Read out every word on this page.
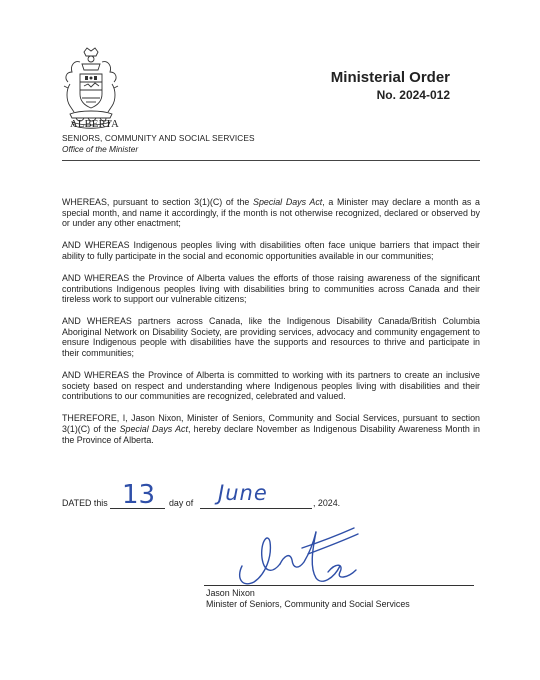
ALBERTA
SENIORS, COMMUNITY AND SOCIAL SERVICES
Office of the Minister
Ministerial Order
No. 2024-012

WHEREAS, pursuant to section 3(1)(C) of the Special Days Act, a Minister may declare a month as a special month, and name it accordingly, if the month is not otherwise recognized, declared or observed by or under any other enactment;

AND WHEREAS Indigenous peoples living with disabilities often face unique barriers that impact their ability to fully participate in the social and economic opportunities available in our communities;

AND WHEREAS the Province of Alberta values the efforts of those raising awareness of the significant contributions Indigenous peoples living with disabilities bring to communities across Canada and their tireless work to support our vulnerable citizens;

AND WHEREAS partners across Canada, like the Indigenous Disability Canada/British Columbia Aboriginal Network on Disability Society, are providing services, advocacy and community engagement to ensure Indigenous people with disabilities have the supports and resources to thrive and participate in their communities;

AND WHEREAS the Province of Alberta is committed to working with its partners to create an inclusive society based on respect and understanding where Indigenous peoples living with disabilities and their contributions to our communities are recognized, celebrated and valued.

THEREFORE, I, Jason Nixon, Minister of Seniors, Community and Social Services, pursuant to section 3(1)(C) of the Special Days Act, hereby declare November as Indigenous Disability Awareness Month in the Province of Alberta.

DATED this 13 day of June	, 2024.
Jason Nixon
Minister of Seniors, Community and Social Services
